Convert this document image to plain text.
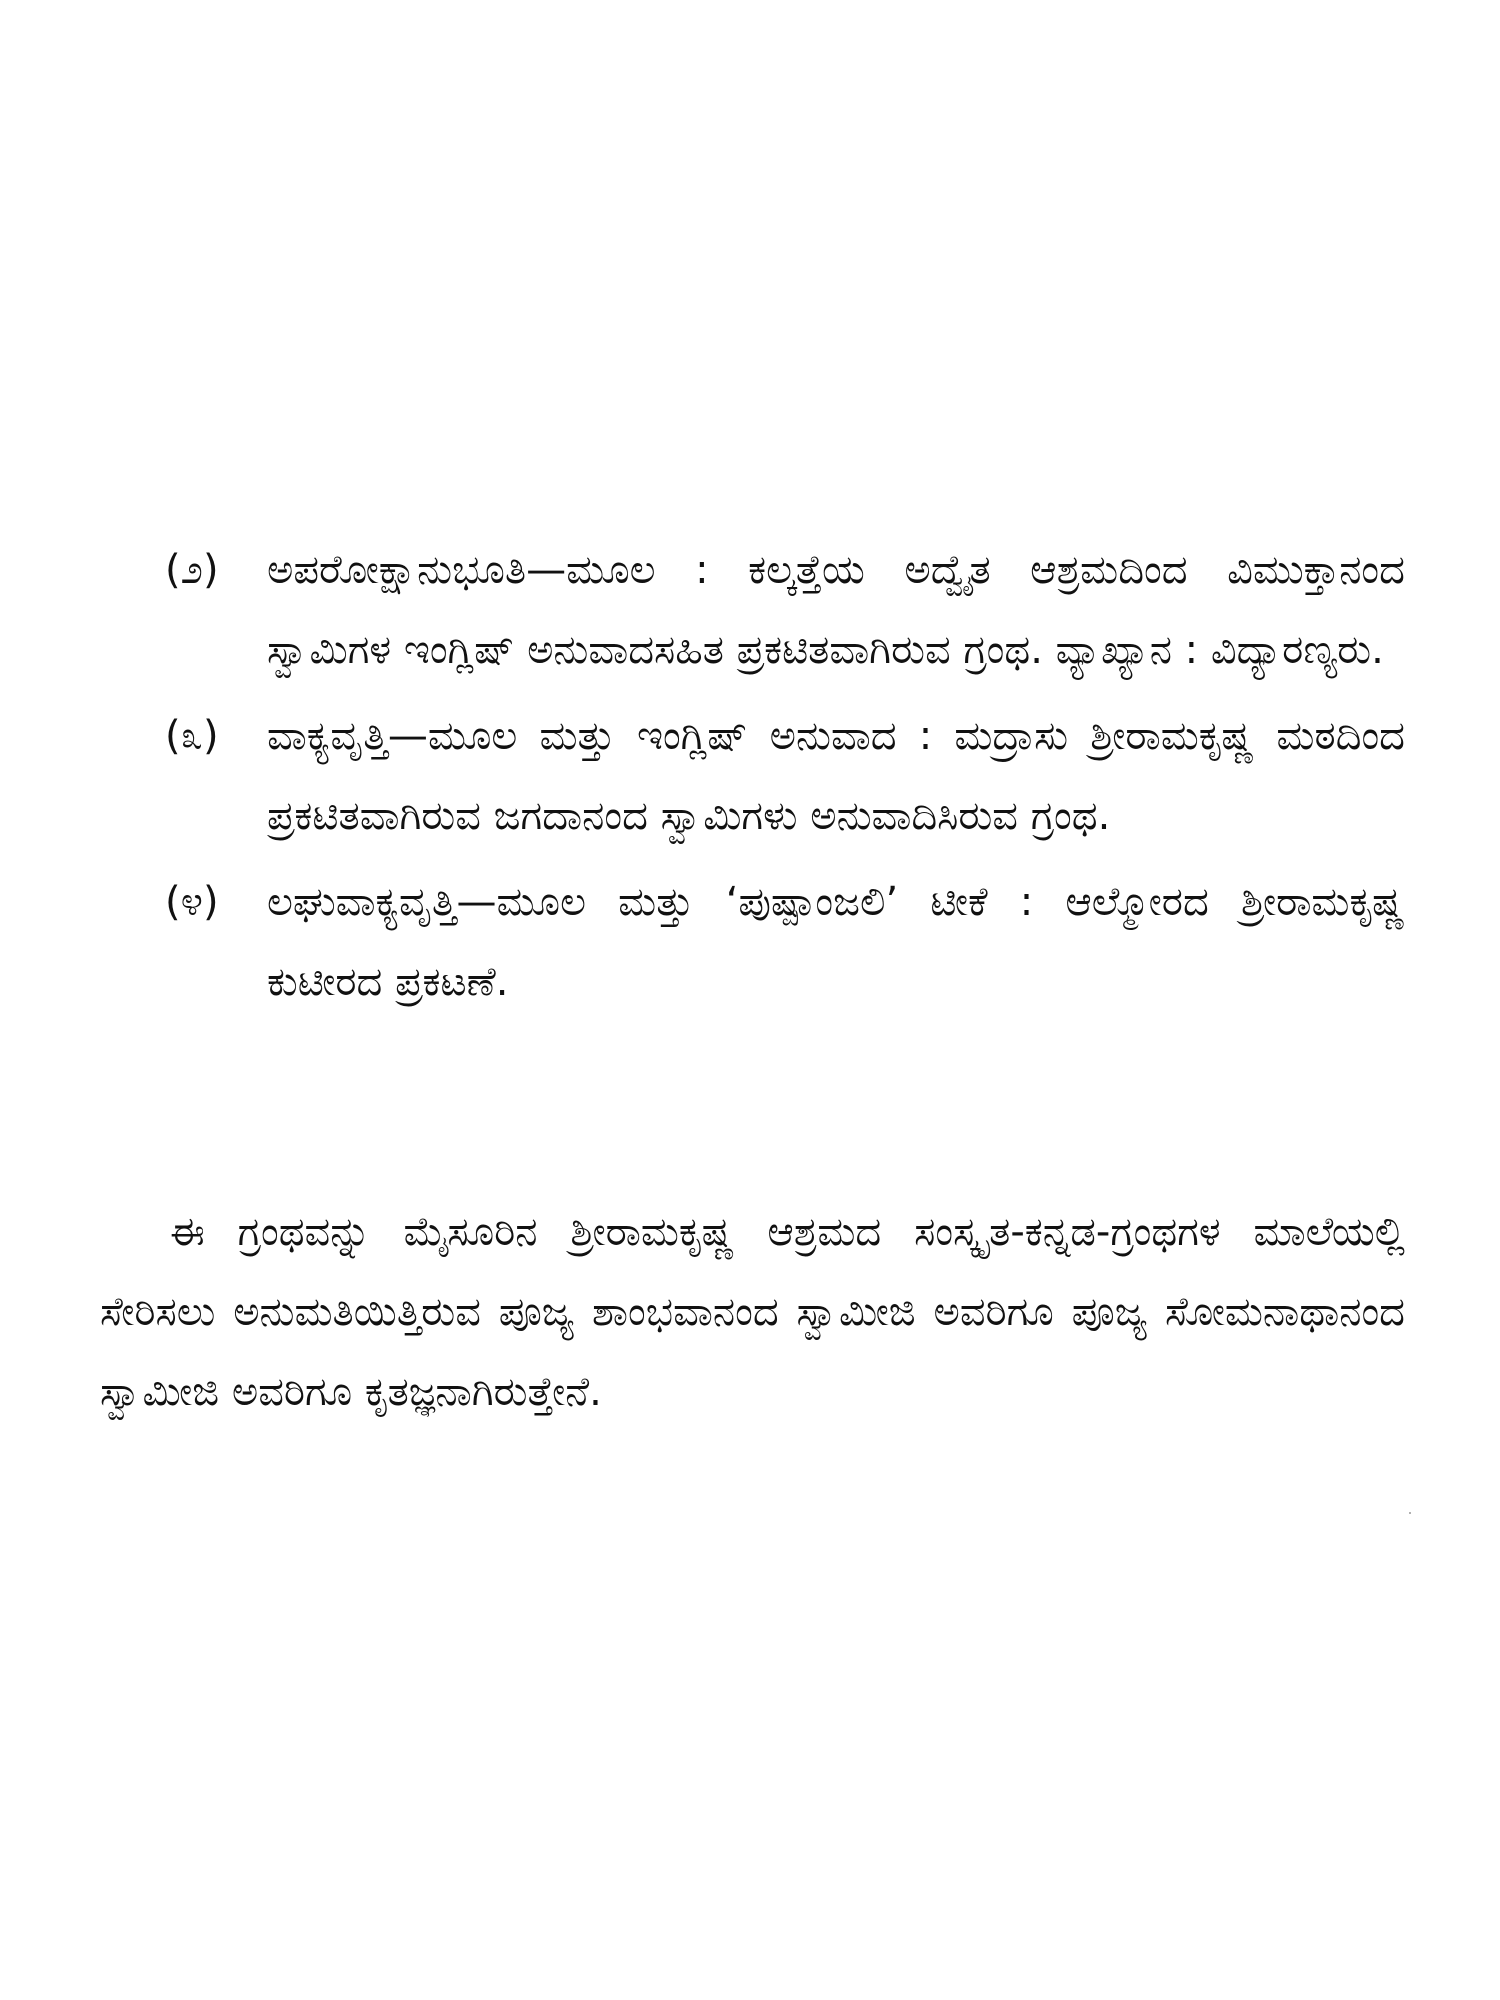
(೨) ಅಪರೋಕ್ಷಾನುಭೂತಿ—ಮೂಲ : ಕಲ್ಕತ್ತೆಯ ಅದ್ವೈತ ಆಶ್ರಮದಿಂದ ವಿಮುಕ್ತಾನಂದ ಸ್ವಾಮಿಗಳ ಇಂಗ್ಲಿಷ್ ಅನುವಾದಸಹಿತ ಪ್ರಕಟಿತವಾಗಿರುವ ಗ್ರಂಥ. ವ್ಯಾಖ್ಯಾನ : ವಿದ್ಯಾರಣ್ಯರು.
(೩) ವಾಕ್ಯವೃತ್ತಿ—ಮೂಲ ಮತ್ತು ಇಂಗ್ಲಿಷ್ ಅನುವಾದ : ಮದ್ರಾಸು ಶ್ರೀರಾಮಕೃಷ್ಣ ಮಠದಿಂದ ಪ್ರಕಟಿತವಾಗಿರುವ ಜಗದಾನಂದ ಸ್ವಾಮಿಗಳು ಅನುವಾದಿಸಿರುವ ಗ್ರಂಥ.
(೪) ಲಘುವಾಕ್ಯವೃತ್ತಿ—ಮೂಲ ಮತ್ತು ‘ಪುಷ್ಪಾಂಜಲಿ’ ಟೀಕೆ : ಆಲ್ಮೋರದ ಶ್ರೀರಾಮಕೃಷ್ಣ ಕುಟೀರದ ಪ್ರಕಟಣೆ.

ಈ ಗ್ರಂಥವನ್ನು ಮೈಸೂರಿನ ಶ್ರೀರಾಮಕೃಷ್ಣ ಆಶ್ರಮದ ಸಂಸ್ಕೃತ-ಕನ್ನಡ-ಗ್ರಂಥಗಳ ಮಾಲೆಯಲ್ಲಿ ಸೇರಿಸಲು ಅನುಮತಿಯಿತ್ತಿರುವ ಪೂಜ್ಯ ಶಾಂಭವಾನಂದ ಸ್ವಾಮೀಜಿ ಅವರಿಗೂ ಪೂಜ್ಯ ಸೋಮನಾಥಾನಂದ ಸ್ವಾಮೀಜಿ ಅವರಿಗೂ ಕೃತಜ್ಞನಾಗಿರುತ್ತೇನೆ.
